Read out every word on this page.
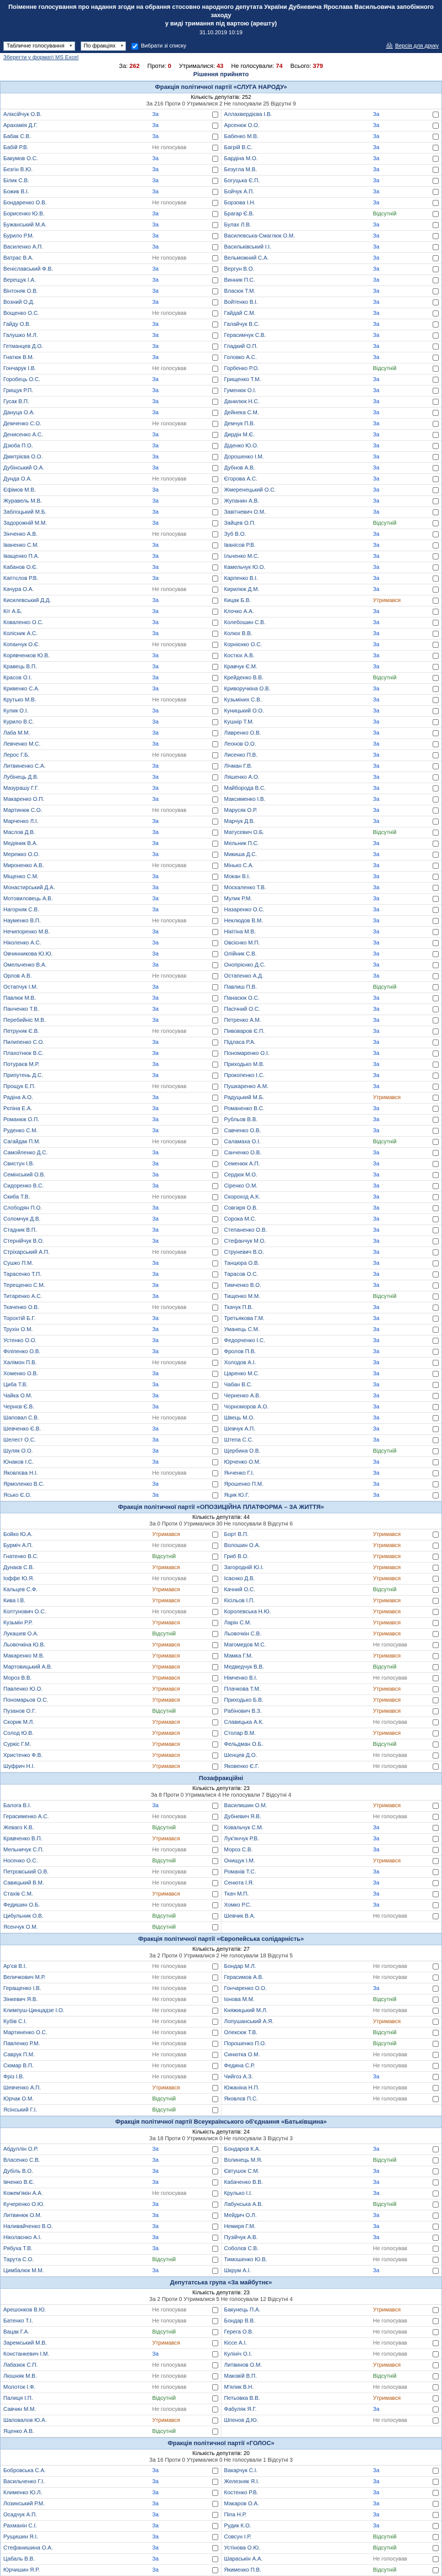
Поіменне голосування про надання згоди на обрання стосовно народного депутата України Дубневича Ярослава Васильовича запобіжного заходу
у виді тримання під вартою (арешту)
31.10.2019 10:19
Табличне голосування ▼	По фракціях ▼	Вибрати зі списку	🖨 Версія для друку
Зберегти у форматі MS Excel
За: 262 Проти: 0 Утрималися: 43 Не голосували: 74 Всього: 379
Рішення прийнято
Фракція політичної партії «СЛУГА НАРОДУ»
Кількість депутатів: 252
За 216 Проти 0 Утрималися 2 Не голосували 25 Відсутні 9
Аліксійчук О.В.	За	Аллахвердієва І.В.	За
Арахамія Д.Г.	За	Арсенюк О.О.	За
Бабак С.В.	За	Бабенко М.В.	За
Бабій Р.В.	Не голосував	Багрій В.С.	За
Бакумов О.С.	За	Бардіна М.О.	За
Безгін В.Ю.	За	Безугла М.В.	За
Білик С.В.	За	Богуцька Є.П.	За
Божик В.І.	За	Бойчук А.П.	За
Бондаренко О.В.	Не голосував	Борзова І.Н.	За
Борисенко Ю.В.	За	Брагар Є.В.	Відсутній
Бужанський М.А.	За	Булах Л.В.	За
Бурило Р.М.	За	Василевська-Смаглюк О.М.	За
Василенко А.П.	За	Васильківський І.І.	За
Ватрас В.А.	Не голосував	Вельможний С.А.	За
Веніславський Ф.В.	За	Вергун В.О.	За
Верещук І.А.	За	Винник П.С.	За
Вінтоняк О.В.	За	Власюк Т.М.	За
Возний О.Д.	За	Войтенко В.І.	За
Вощенко О.С.	Не голосував	Гайдай С.М.	За
Гайду О.В.	За	Галайчук В.С.	За
Галушко М.Л.	За	Герасимчук С.В.	За
Гетманцев Д.О.	За	Гладкий О.П.	За
Гнатюк В.М.	За	Головко А.С.	За
Гончарук І.В.	Не голосував	Горбенко Р.О.	Відсутній
Горобець О.С.	За	Грищенко Т.М.	За
Грищук Р.П.	За	Гуменюк О.І.	За
Гусак В.П.	За	Данилюк Н.С.	За
Дануца О.А.	За	Дейнека С.М.	За
Демченко С.О.	Не голосував	Демчук П.В.	За
Денисенко А.С.	За	Дирдін М.Є.	За
Дзюба П.О.	За	Діденко Ю.О.	За
Дмитрієва О.О.	За	Дорошенко І.М.	За
Дубінський О.А.	За	Дубнов А.В.	За
Дунда О.А.	Не голосував	Єгорова А.С.	За
Єфімов М.В.	За	Жмеренецький О.С.	За
Журавель М.В.	За	Жупанин А.В.	За
Заблоцький М.Б.	За	Завітневич О.М.	За
Задорожній М.М.	За	Зайцев О.П.	Відсутній
Зінченко А.В.	Не голосував	Зуб В.О.	За
Іваненко С.М.	За	Іванісов Р.В.	За
Іващенко П.А.	За	Ільченко М.С.	За
Кабанов О.Є.	За	Камельчук Ю.О.	За
Каптєлов Р.В.	За	Карпенко В.І.	За
Качура О.А.	Не голосував	Кирилюк Д.М.	За
Кисилевський Д.Д.	За	Кицак Б.В.	Утримався
Кіт А.Б.	За	Клочко А.А.	За
Коваленко О.С.	За	Колебошин С.В.	За
Колісник А.С.	За	Колюх В.В.	За
Копанчук О.Є.	Не голосував	Корнієнко О.С.	За
Корявченков Ю.В.	За	Костюх А.В.	За
Кравець В.П.	За	Кравчук Є.М.	За
Красов О.І.	За	Крейденко В.В.	Відсутній
Кривенко С.А.	За	Криворучкіна О.В.	За
Крутько М.В.	Не голосував	Кузьміних С.В.	За
Кулик О.І.	За	Куницький О.О.	За
Курило В.С.	За	Кушнір Т.М.	За
Лаба М.М.	За	Лавренко О.В.	За
Левченко М.С.	За	Леонов О.О.	За
Лерос Г.Б.	Не голосував	Лисенко П.В.	За
Литвиненко С.А.	За	Лічман Г.В.	За
Лубінець Д.В.	За	Ляшенко А.О.	За
Мазурашу Г.Г.	За	Майборода В.С.	За
Макаренко О.П.	За	Максименко І.В.	За
Мартинюк С.О.	Не голосував	Марусяк О.Р.	За
Марченко Л.І.	За	Марчук Д.В.	За
Маслов Д.В.	За	Матусевич О.Б.	Відсутній
Медяник В.А.	За	Мельник П.С.	За
Мережко О.О.	За	Микиша Д.С.	За
Мироненко А.В.	Не голосував	Мінько С.А.	За
Міщенко С.М.	За	Мокан В.І.	За
Монастирський Д.А.	За	Москаленко Т.В.	За
Мотовиловець А.В.	За	Мулик Р.М.	За
Нагорняк С.В.	За	Назаренко О.С.	За
Науменко В.П.	Не голосував	Неклюдов В.М.	За
Нечипоренко М.В.	За	Нікітіна М.В.	За
Ніколенко А.С.	За	Овсієнко М.П.	За
Овчинникова Ю.Ю.	За	Олійник С.В.	За
Омельченко В.А.	За	Онопрієнко Д.С.	За
Орлов А.В.	Не голосував	Остапенко А.Д.	За
Остапчук І.М.	За	Павлиш П.В.	Відсутній
Павлюк М.В.	За	Панасюк О.С.	За
Панченко Т.В.	За	Пасічний О.С.	За
Перебийніс М.В.	За	Петренко А.М.	За
Петруняк Є.В.	Не голосував	Пивоваров Є.П.	За
Пилипенко С.О.	За	Підласа Р.А.	За
Плахотнюк В.С.	За	Пономаренко О.І.	За
Потураєв М.Р.	За	Приходько М.В.	За
Припутень Д.С.	За	Прокопенко І.С.	За
Прощук Е.П.	Не голосував	Пушкаренко А.М.	За
Радіна А.О.	За	Радуцький М.Б.	Утримався
Рєпіна Е.А.	За	Романенко В.С.	За
Романюк О.П.	За	Рубльов В.В.	За
Руденко С.М.	За	Савченко О.В.	За
Сагайдак П.М.	Не голосував	Саламаха О.І.	Відсутній
Самойленко Д.С.	За	Санченко О.В.	За
Свистун І.В.	За	Семенюк А.П.	За
Семінський О.В.	За	Сердюк М.О.	За
Сидоренко В.С.	За	Сіренко О.М.	За
Скиба Т.В.	Не голосував	Скороход А.К.	За
Слободян П.О.	За	Совгиря О.В.	За
Соломчук Д.В.	За	Сорока М.С.	За
Стадник В.П.	За	Степаненко О.В.	За
Стернійчук В.О.	За	Стефанчук М.О.	За
Стріхарський А.П.	Не голосував	Струневич В.О.	За
Сушко П.М.	За	Танцюра О.В.	За
Тарасенко Т.П.	За	Тарасов О.С.	За
Терещенко С.М.	За	Тимченко В.О.	За
Титаренко А.С.	За	Тищенко М.М.	Відсутній
Ткаченко О.В.	Не голосував	Ткачук П.В.	За
Торохтій Б.Г.	За	Третьякова Г.М.	За
Трухін О.М.	За	Уманець С.М.	За
Устенко О.О.	За	Федорченко І.С.	За
Філіпенко О.В.	За	Фролов П.В.	За
Халімон П.В.	Не голосував	Холодов А.І.	За
Хоменко О.В.	За	Царенко М.С.	За
Циба Т.В.	За	Чабан В.С.	За
Чайка О.М.	За	Черненко А.В.	За
Чернєв Є.В.	За	Чорноморов А.О.	За
Шаповал С.В.	Не голосував	Швець М.О.	За
Шевченко Є.В.	За	Шевчук А.П.	За
Шелест О.С.	За	Штепа С.С.	За
Шуляк О.О.	За	Щербина О.В.	Відсутній
Юнаков І.С.	За	Юрченко О.М.	За
Яковлєва Н.І.	Не голосував	Янченко Г.І.	За
Ярмоленко В.С.	За	Ярошенко П.М.	За
Ясько Є.О.	За	Яцик Ю.Г.	За
Фракція політичної партії «ОПОЗИЦІЙНА ПЛАТФОРМА – ЗА ЖИТТЯ»
Кількість депутатів: 44
За 0 Проти 0 Утрималися 30 Не голосували 8 Відсутні 6
Бойко Ю.А.	Утримався	Борт В.П.	Утримався
Бурміч А.П.	Не голосував	Волошин О.А.	Утримався
Гнатенко В.С.	Відсутній	Гриб В.О.	Утримався
Дунаєв С.В.	Утримався	Загородній Ю.І.	Утримався
Іоффе Ю.Я.	Не голосував	Ісаєнко Д.В.	Утримався
Кальцев С.Ф.	Утримався	Качний О.С.	Відсутній
Кива І.В.	Утримався	Кісільов І.П.	Утримався
Колтунович О.С.	Не голосував	Королевська Н.Ю.	Утримався
Кузьмін Р.Р.	Утримався	Ларін С.М.	Утримався
Лукашев О.А.	Відсутній	Льовочкін С.В.	Утримався
Льовочкіна Ю.В.	Утримався	Магомедов М.С.	Не голосував
Макаренко М.В.	Утримався	Мамка Г.М.	Утримався
Мартовицький А.В.	Утримався	Медведчук В.В.	Відсутній
Мороз В.В.	Утримався	Німченко В.І.	Не голосував
Павленко Ю.О.	Утримався	Плачкова Т.М.	Утримався
Пономарьов О.С.	Утримався	Приходько Б.В.	Утримався
Пузанов О.Г.	Відсутній	Рабінович В.З.	Утримався
Скорик М.Л.	Утримався	Славицька А.К.	Не голосував
Солод Ю.В.	Утримався	Столар В.М.	Утримався
Суркіс Г.М.	Утримався	Фельдман О.Б.	Відсутній
Христенко Ф.В.	Утримався	Шенцев Д.О.	Не голосував
Шуфрич Н.І.	Утримався	Яковенко Є.Г.	Не голосував
Позафракційні
Кількість депутатів: 23
За 8 Проти 0 Утрималися 4 Не голосували 7 Відсутні 4
Балога В.І.	За	Василишин О.М.	Утримався
Герасименко А.С.	Не голосував	Дубневич Я.В.	Не голосував
Жеваго К.В.	Відсутній	Ковальчук С.М.	За
Кравченко В.П.	Утримався	Лук'янчук Р.В.	За
Мельничук С.П.	Не голосував	Мороз С.В.	За
Носенко О.С.	Відсутній	Онищук І.М.	Утримався
Петровський О.В.	Не голосував	Романів Т.С.	За
Савицький В.М.	Не голосував	Сенюта І.Я.	За
Стахів С.М.	Утримався	Ткач М.П.	За
Федишин О.Б.	Не голосував	Хомко Р.С.	За
Цибульник О.В.	Відсутній	Шевчик В.А.	Не голосував
Ясенчук О.М.	Відсутній
Фракція політичної партії «Європейська солідарність»
Кількість депутатів: 27
За 2 Проти 0 Утрималися 2 Не голосували 18 Відсутні 5
Ар'єв В.І.	Не голосував	Бондар М.Л.	Не голосував
Величкович М.Р.	Не голосував	Герасимов А.В.	Не голосував
Геращенко І.В.	Не голосував	Гончаренко О.О.	За
Зінкевич Я.В.	Не голосував	Іонова М.М.	Відсутній
Климпуш-Цинцадзе І.О.	Не голосував	Княжицький М.Л.	Не голосував
Кубів С.І.	Не голосував	Лопушанський А.Я.	Утримався
Мартиненко О.С.	Не голосував	Олексюк Т.В.	Відсутній
Павленко Р.М.	Не голосував	Порошенко П.О.	Відсутній
Саврук П.М.	Не голосував	Синютка О.М.	Не голосував
Сюмар В.П.	Не голосував	Федина С.Р.	Не голосував
Фріз І.В.	Не голосував	Чийгоз А.З.	За
Шевченко А.П.	Утримався	Южаніна Н.П.	Не голосував
Юрчак О.М.	Відсутній	Яковлєв П.С.	Не голосував
Ясінський Г.І.	Відсутній
Фракція політичної партії Всеукраїнського об'єднання «Батьківщина»
Кількість депутатів: 24
За 18 Проти 0 Утрималися 0 Не голосували 3 Відсутні 3
Абдуллін О.Р.	За	Бондарєв К.А.	За
Власенко С.В.	За	Волинець М.Я.	Відсутній
Дубіль В.О.	За	Євтушок С.М.	За
Івченко В.Є.	За	Кабаченко В.В.	За
Кожем'якін А.А.	Не голосував	Крулько І.І.	За
Кучеренко О.Ю.	За	Лабунська А.В.	Відсутній
Литвинюк О.М.	За	Мейдич О.Л.	За
Наливайченко В.О.	За	Немиря Г.М.	За
Ніколаєнко А.І.	За	Пузійчук А.В.	За
Рябуха Т.В.	За	Соболєв С.В.	Не голосував
Тарута С.О.	Відсутній	Тимошенко Ю.В.	Не голосував
Цимбалюк М.М.	За	Шкрум А.І.	За
Депутатська група «За майбутнє»
Кількість депутатів: 23
За 2 Проти 0 Утрималися 5 Не голосували 12 Відсутні 4
Арешонков В.Ю.	Не голосував	Бакунець П.А.	Утримався
Батенко Т.І.	Не голосував	Бондар В.В.	Не голосував
Вацак Г.А.	Відсутній	Герега О.В.	Не голосував
Заремський М.В.	Утримався	Кіссе А.І.	Не голосував
Констанкевич І.М.	За	Кулініч О.І.	Не голосував
Лабазюк С.П.	Не голосував	Литвинов О.М.	Утримався
Люшняк М.В.	Не голосував	Маковій В.П.	Відсутній
Молоток І.Ф.	Не голосував	М'ялик В.Н.	Не голосував
Палиця І.П.	Відсутній	Петьовка В.В.	Утримався
Савчин М.М.	Не голосував	Фабуляк Я.Г.	За
Шаповалов Ю.А.	Утримався	Шпенов Д.Ю.	Не голосував
Яценко А.В.	Відсутній
Фракція політичної партії «ГОЛОС»
Кількість депутатів: 20
За 16 Проти 0 Утрималися 0 Не голосували 1 Відсутні 3
Бобровська С.А.	За	Вакарчук С.І.	За
Васильченко Г.І.	За	Железняк Я.І.	За
Клименко Ю.Л.	За	Костенко Р.В.	За
Лозинський Р.М.	За	Макаров О.А.	За
Осадчук А.П.	За	Піпа Н.Р.	За
Рахманін С.І.	За	Рудик К.О.	За
Рущишин Я.І.	За	Совсун І.Р.	Відсутній
Стефанишина О.А.	За	Устінова О.Ю.	Відсутній
Цабаль В.В.	За	Шараськін А.А.	Не голосував
Юрчишин Я.Р.	За	Якименко П.В.	Відсутній
